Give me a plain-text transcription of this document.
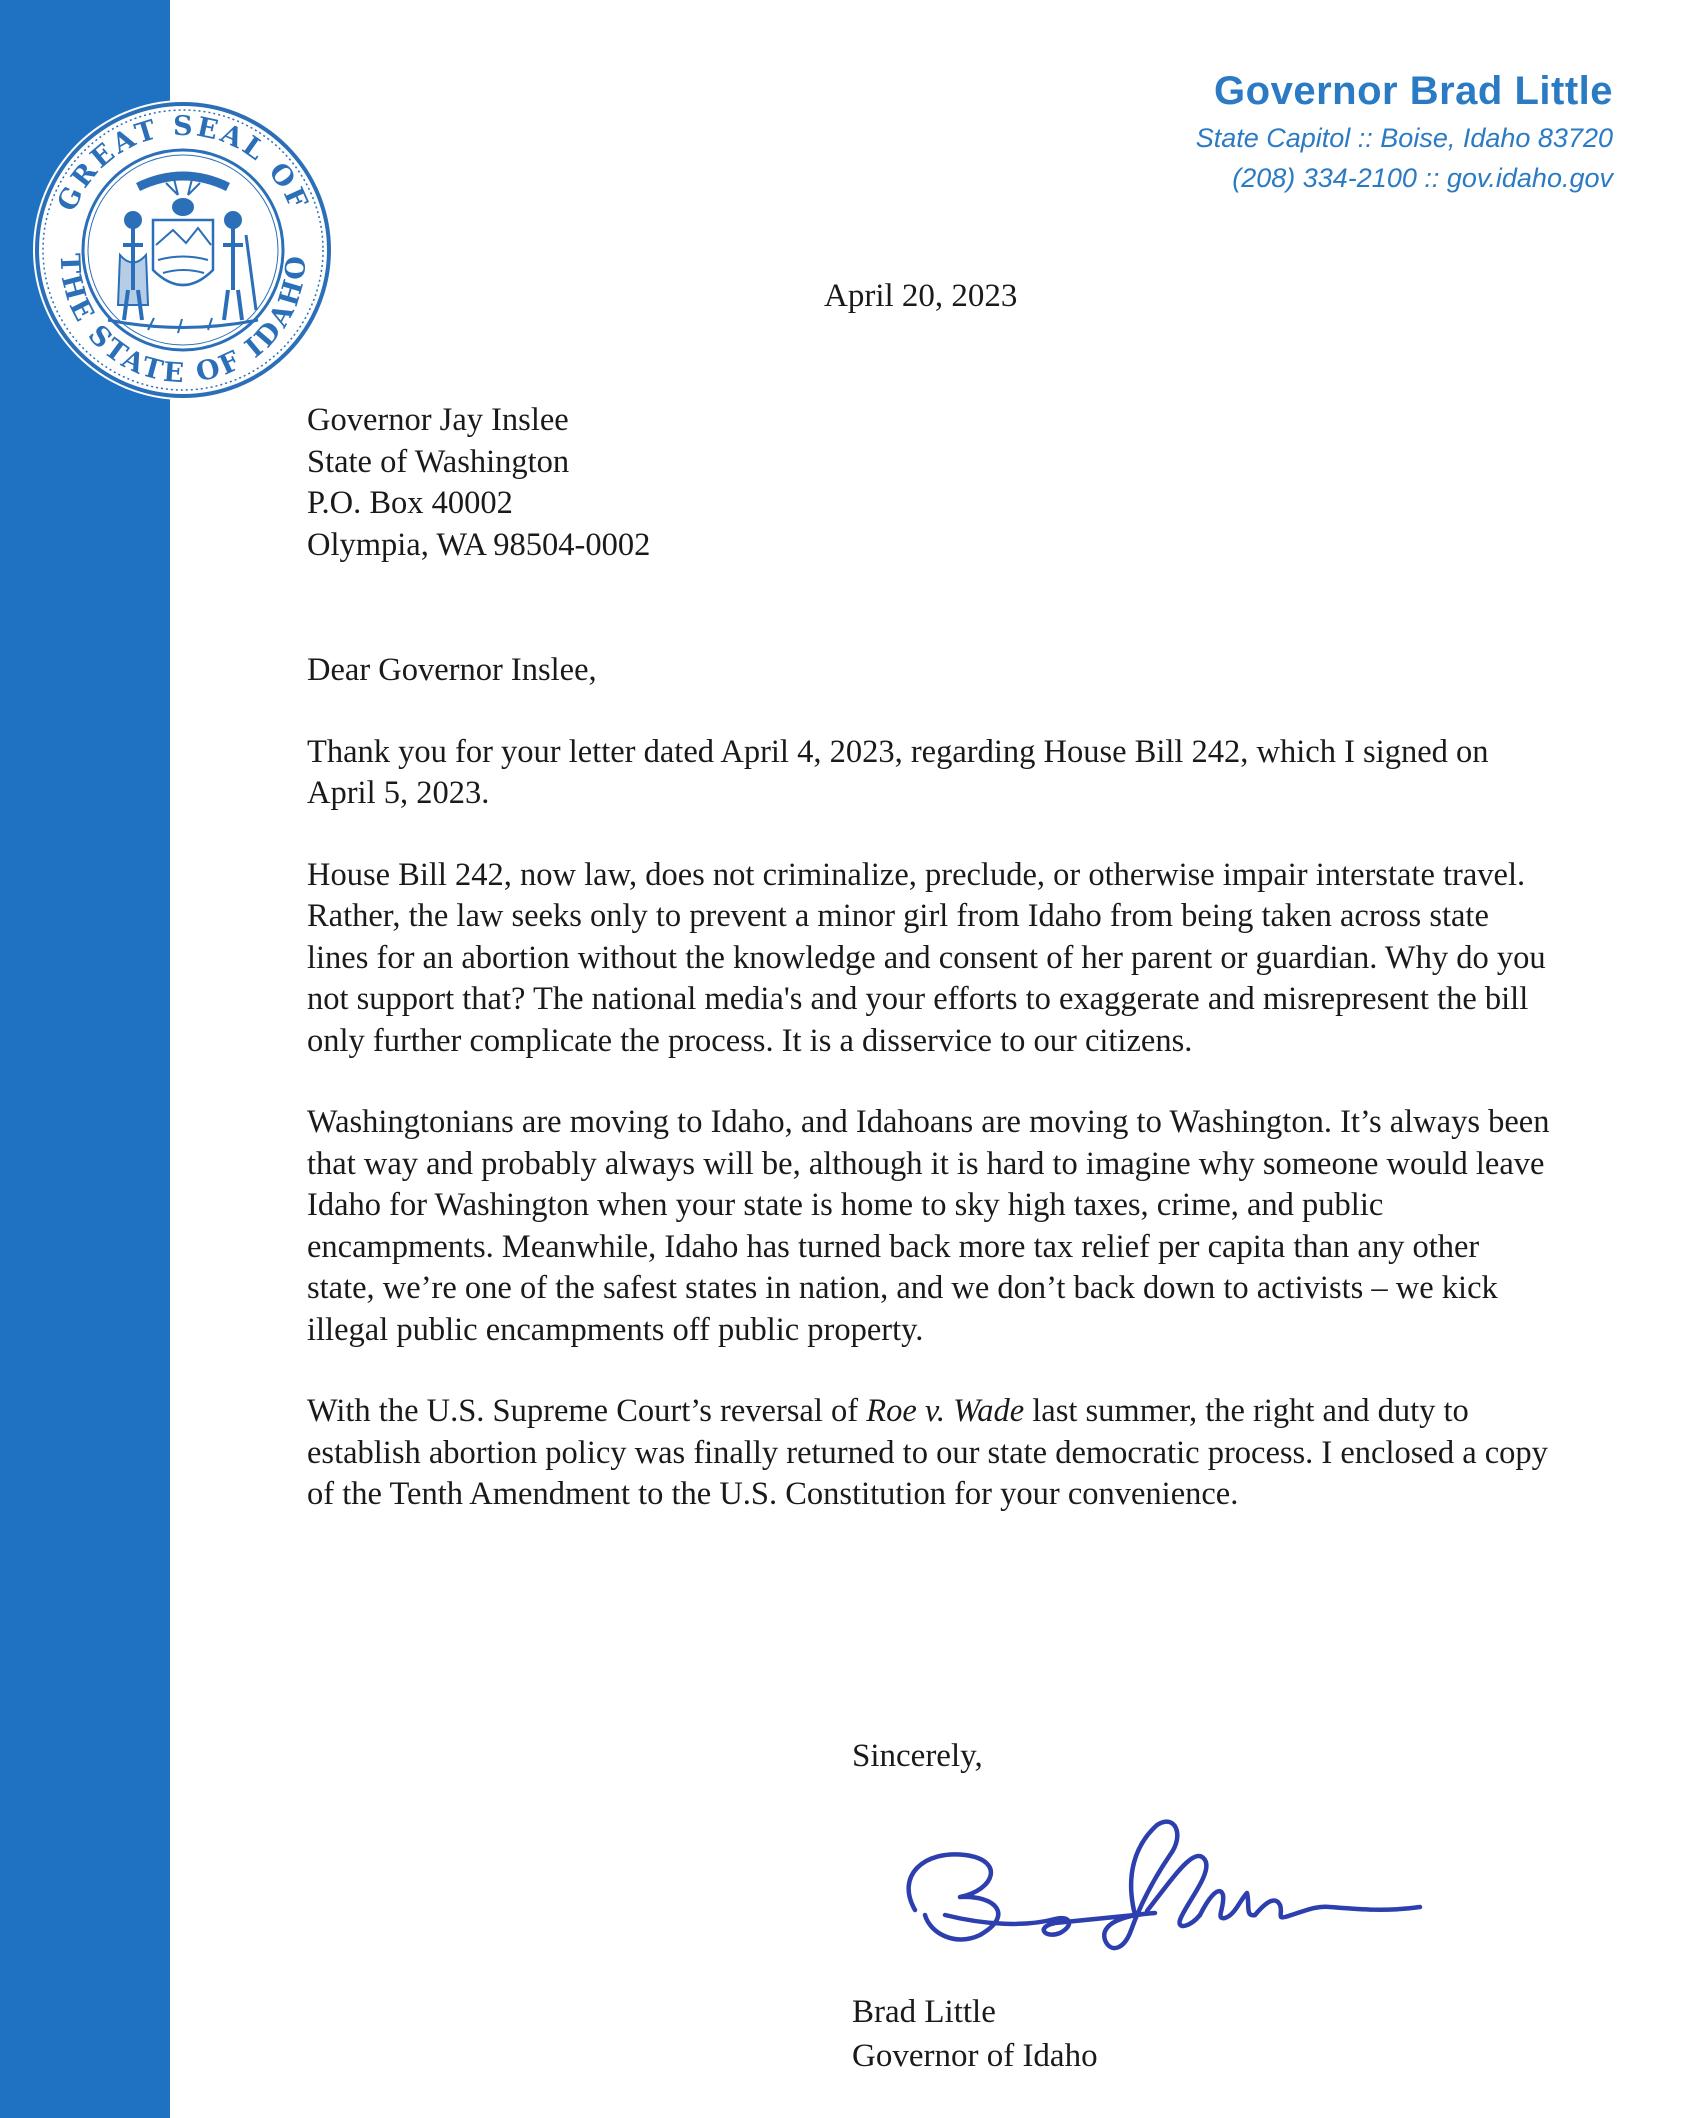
GREAT SEAL OF
THE STATE OF IDAHO
Governor Brad Little
State Capitol :: Boise, Idaho 83720
(208) 334-2100 :: gov.idaho.gov
April 20, 2023

Governor Jay Inslee
State of Washington
P.O. Box 40002
Olympia, WA 98504-0002

Dear Governor Inslee,

Thank you for your letter dated April 4, 2023, regarding House Bill 242, which I signed on April 5, 2023.

House Bill 242, now law, does not criminalize, preclude, or otherwise impair interstate travel. Rather, the law seeks only to prevent a minor girl from Idaho from being taken across state lines for an abortion without the knowledge and consent of her parent or guardian. Why do you not support that? The national media's and your efforts to exaggerate and misrepresent the bill only further complicate the process. It is a disservice to our citizens.

Washingtonians are moving to Idaho, and Idahoans are moving to Washington. It’s always been that way and probably always will be, although it is hard to imagine why someone would leave Idaho for Washington when your state is home to sky high taxes, crime, and public encampments. Meanwhile, Idaho has turned back more tax relief per capita than any other state, we’re one of the safest states in nation, and we don’t back down to activists – we kick illegal public encampments off public property.

With the U.S. Supreme Court’s reversal of Roe v. Wade last summer, the right and duty to establish abortion policy was finally returned to our state democratic process. I enclosed a copy of the Tenth Amendment to the U.S. Constitution for your convenience.

Sincerely,
Brad Little
Governor of Idaho
